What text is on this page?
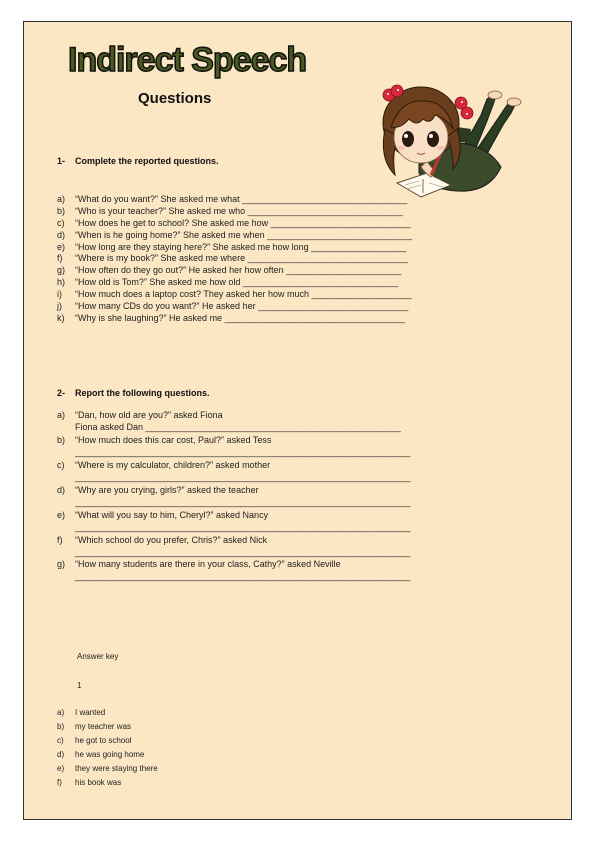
Indirect Speech
Questions
1- Complete the reported questions.
a) “What do you want?” She asked me what _________________________________
b) “Who is your teacher?” She asked me who _______________________________
c) “How does he get to school? She asked me how ____________________________
d) “When is he going home?” She asked me when _____________________________
e) “How long are they staying here?” She asked me how long ___________________
f) “Where is my book?” She asked me where ________________________________
g) “How often do they go out?” He asked her how often _______________________
h) “How old is Tom?” She asked me how old _______________________________
i) “How much does a laptop cost? They asked her how much ____________________
j) “How many CDs do you want?” He asked her ______________________________
k) “Why is she laughing?” He asked me ____________________________________
2- Report the following questions.
a) “Dan, how old are you?” asked Fiona
Fiona asked Dan ___________________________________________________
b) “How much does this car cost, Paul?” asked Tess
___________________________________________________________________
c) “Where is my calculator, children?” asked mother
___________________________________________________________________
d) “Why are you crying, girls?” asked the teacher
___________________________________________________________________
e) “What will you say to him, Cheryl?” asked Nancy
___________________________________________________________________
f) “Which school do you prefer, Chris?” asked Nick
___________________________________________________________________
g) “How many students are there in your class, Cathy?” asked Neville
___________________________________________________________________
Answer key
1
a) I wanted
b) my teacher was
c) he got to school
d) he was going home
e) they were staying there
f) his book was
